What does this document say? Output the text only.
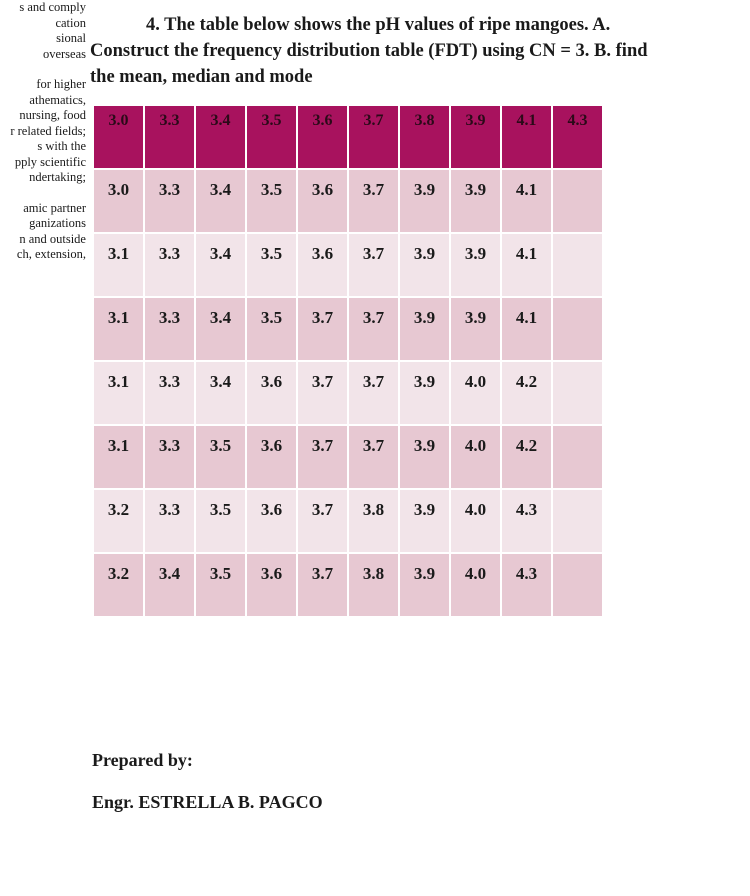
s and comply
cation
sional
overseas
for higher
athematics,
nursing, food
r related fields;
s with the
pply scientific
ndertaking;
amic partner
ganizations
n and outside
ch, extension,
4. The table below shows the pH values of ripe mangoes. A.
Construct the frequency distribution table (FDT) using CN = 3. B. find
the mean, median and mode
3.0	3.3	3.4	3.5	3.6	3.7	3.8	3.9	4.1	4.3
3.0	3.3	3.4	3.5	3.6	3.7	3.9	3.9	4.1	
3.1	3.3	3.4	3.5	3.6	3.7	3.9	3.9	4.1	
3.1	3.3	3.4	3.5	3.7	3.7	3.9	3.9	4.1	
3.1	3.3	3.4	3.6	3.7	3.7	3.9	4.0	4.2	
3.1	3.3	3.5	3.6	3.7	3.7	3.9	4.0	4.2	
3.2	3.3	3.5	3.6	3.7	3.8	3.9	4.0	4.3	
3.2	3.4	3.5	3.6	3.7	3.8	3.9	4.0	4.3	
Prepared by:
Engr. ESTRELLA B. PAGCO
